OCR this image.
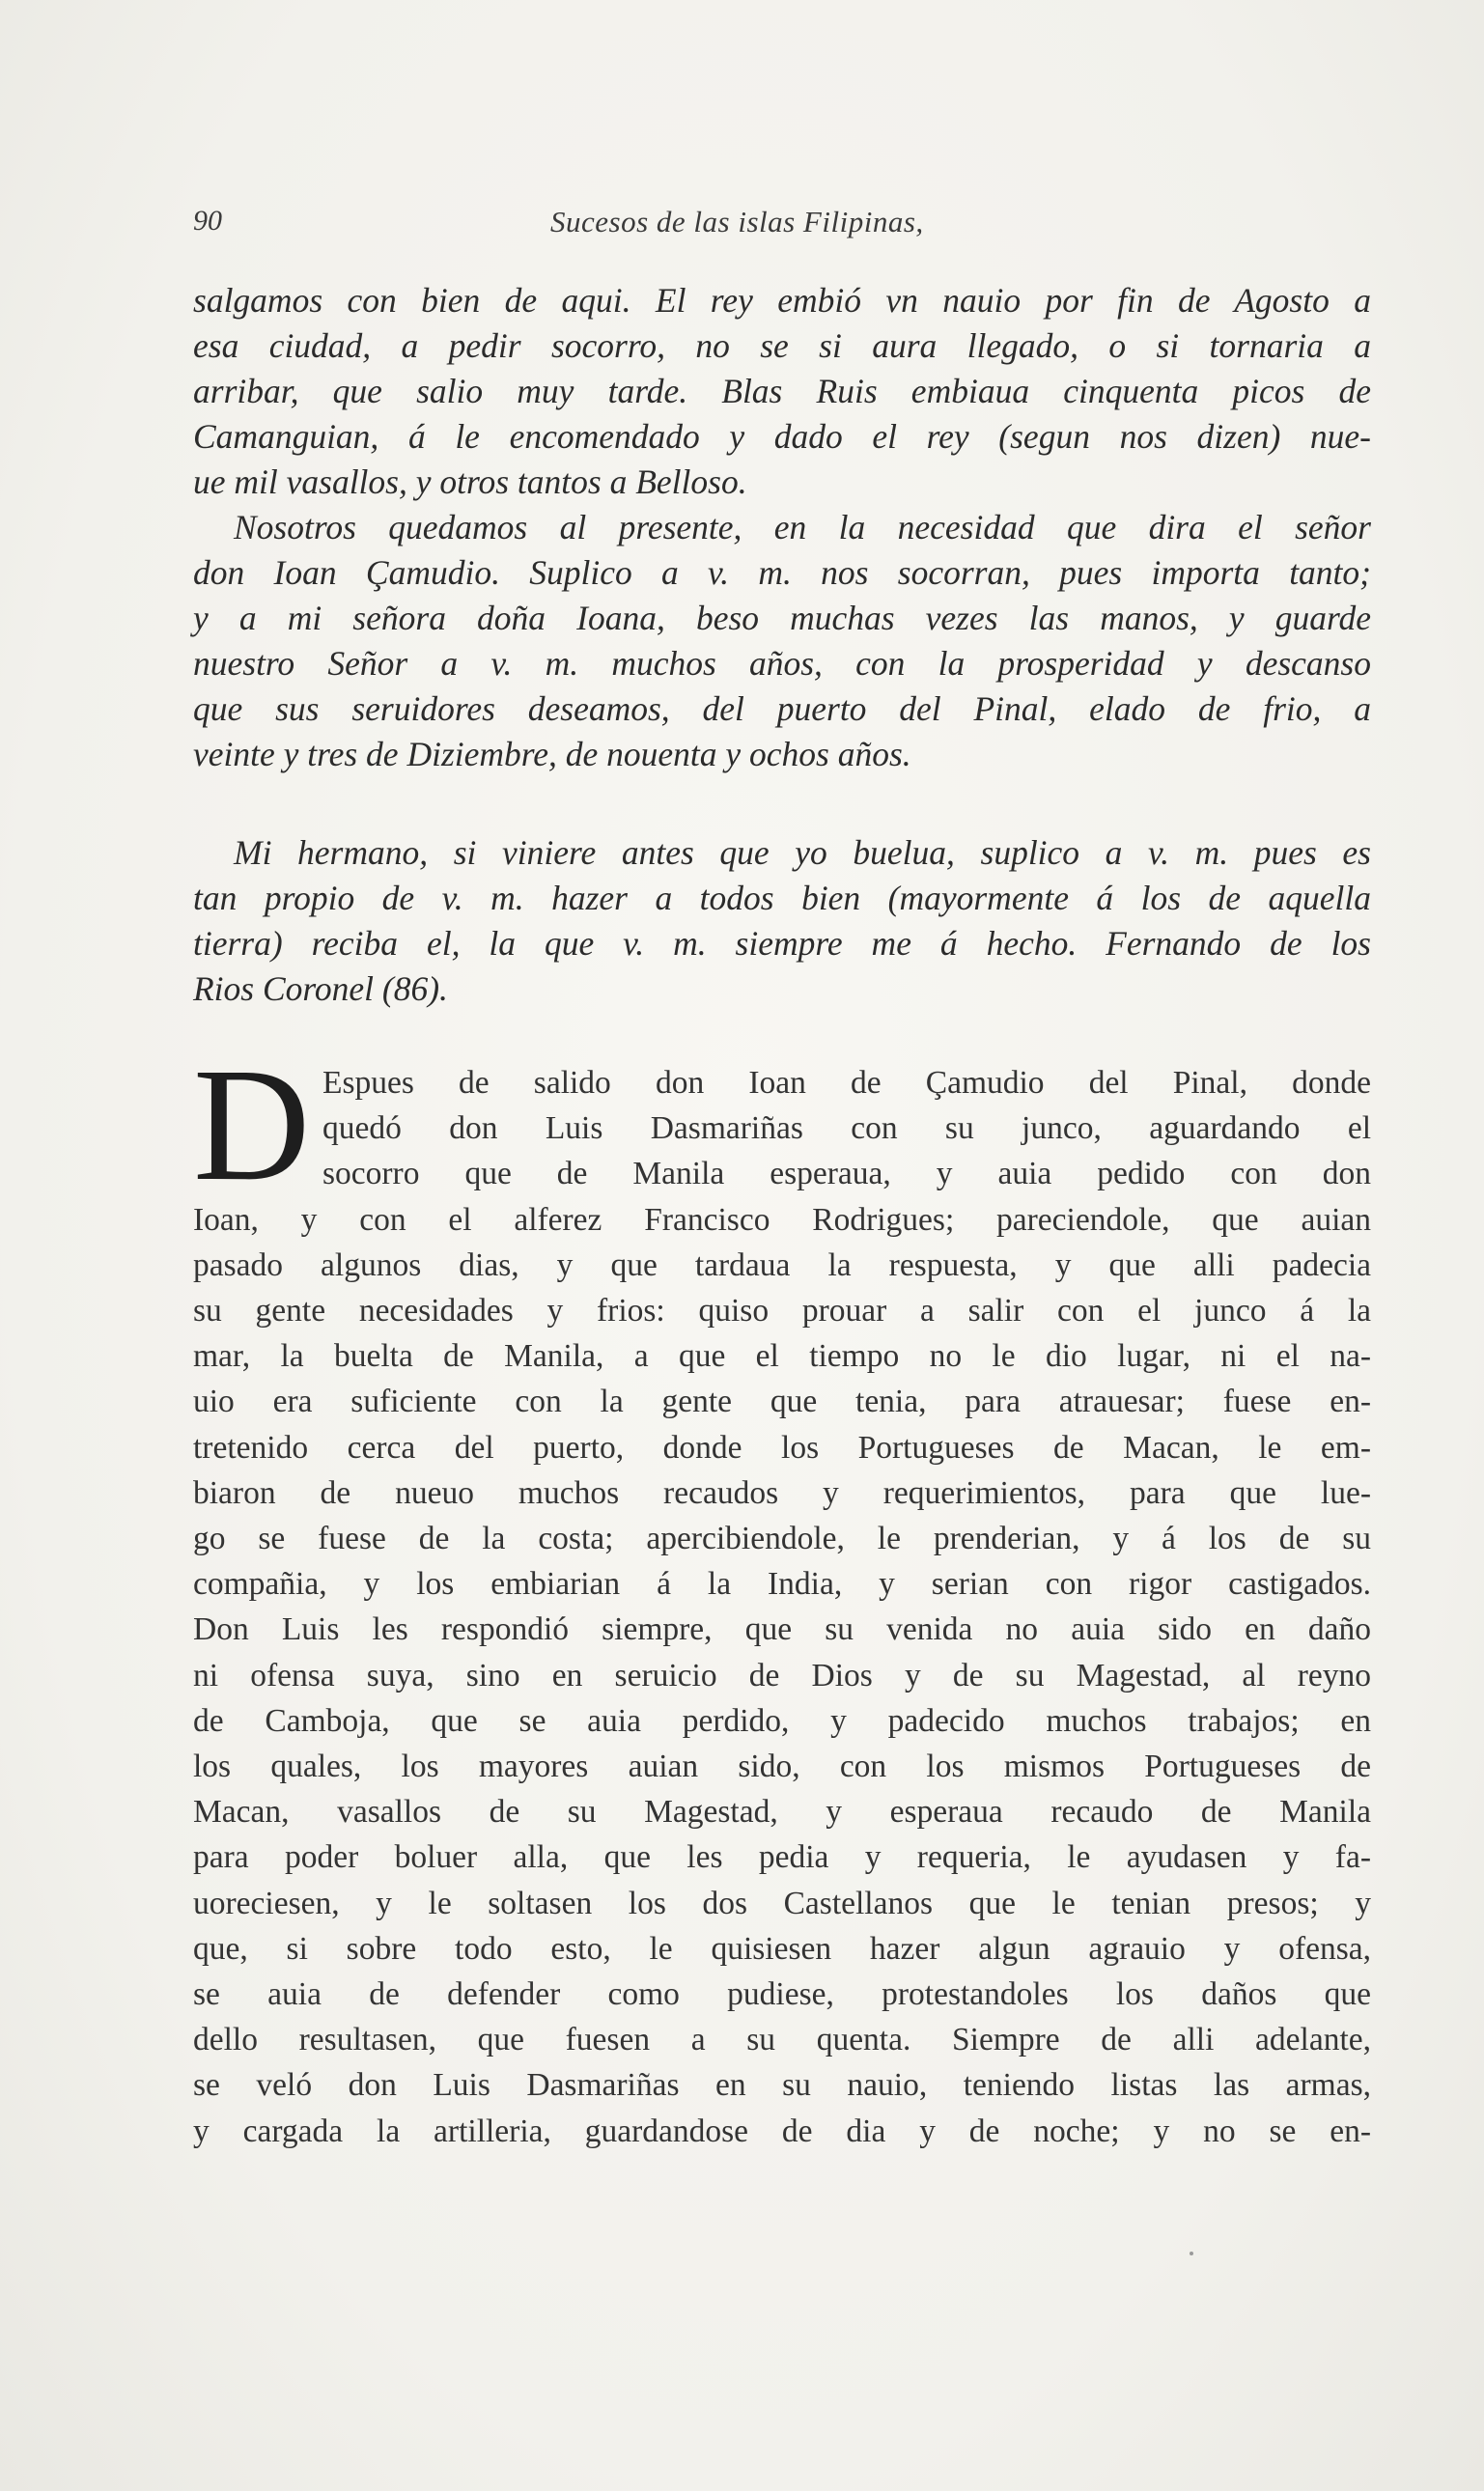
90	Sucesos de las islas Filipinas,
salgamos con bien de aqui. El rey embió vn nauio por fin de Agosto a
esa ciudad, a pedir socorro, no se si aura llegado, o si tornaria a
arribar, que salio muy tarde. Blas Ruis embiaua cinquenta picos de
Camanguian, á le encomendado y dado el rey (segun nos dizen) nue-
ue mil vasallos, y otros tantos a Belloso.
Nosotros quedamos al presente, en la necesidad que dira el señor
don Ioan Çamudio. Suplico a v. m. nos socorran, pues importa tanto;
y a mi señora doña Ioana, beso muchas vezes las manos, y guarde
nuestro Señor a v. m. muchos años, con la prosperidad y descanso
que sus seruidores deseamos, del puerto del Pinal, elado de frio, a
veinte y tres de Diziembre, de nouenta y ochos años.
Mi hermano, si viniere antes que yo buelua, suplico a v. m. pues es
tan propio de v. m. hazer a todos bien (mayormente á los de aquella
tierra) reciba el, la que v. m. siempre me á hecho. Fernando de los
Rios Coronel (86).
D Espues de salido don Ioan de Çamudio del Pinal, donde
quedó don Luis Dasmariñas con su junco, aguardando el
socorro que de Manila esperaua, y auia pedido con don
Ioan, y con el alferez Francisco Rodrigues; pareciendole, que auian
pasado algunos dias, y que tardaua la respuesta, y que alli padecia
su gente necesidades y frios: quiso prouar a salir con el junco á la
mar, la buelta de Manila, a que el tiempo no le dio lugar, ni el na-
uio era suficiente con la gente que tenia, para atrauesar; fuese en-
tretenido cerca del puerto, donde los Portugueses de Macan, le em-
biaron de nueuo muchos recaudos y requerimientos, para que lue-
go se fuese de la costa; apercibiendole, le prenderian, y á los de su
compañia, y los embiarian á la India, y serian con rigor castigados.
Don Luis les respondió siempre, que su venida no auia sido en daño
ni ofensa suya, sino en seruicio de Dios y de su Magestad, al reyno
de Camboja, que se auia perdido, y padecido muchos trabajos; en
los quales, los mayores auian sido, con los mismos Portugueses de
Macan, vasallos de su Magestad, y esperaua recaudo de Manila
para poder boluer alla, que les pedia y requeria, le ayudasen y fa-
uoreciesen, y le soltasen los dos Castellanos que le tenian presos; y
que, si sobre todo esto, le quisiesen hazer algun agrauio y ofensa,
se auia de defender como pudiese, protestandoles los daños que
dello resultasen, que fuesen a su quenta. Siempre de alli adelante,
se veló don Luis Dasmariñas en su nauio, teniendo listas las armas,
y cargada la artilleria, guardandose de dia y de noche; y no se en-
